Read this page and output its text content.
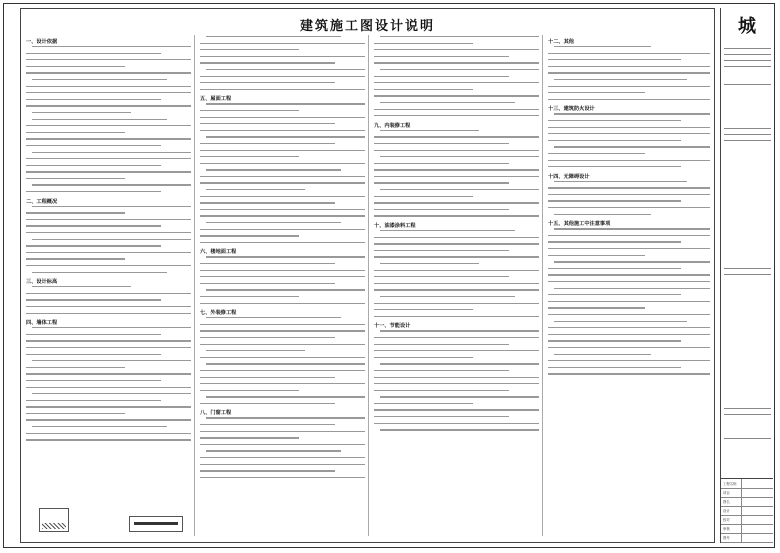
建筑施工图设计说明
一、设计依据
二、工程概况
三、设计标高
四、墙体工程
五、屋面工程
六、楼地面工程
七、外装修工程
八、门窗工程
九、内装修工程
十、油漆涂料工程
十一、节能设计
十二、其他
十三、建筑防火设计
十四、无障碍设计
十五、其他施工中注意事项
城
工程名称
项目
图名
设计
校对
审核
图号
